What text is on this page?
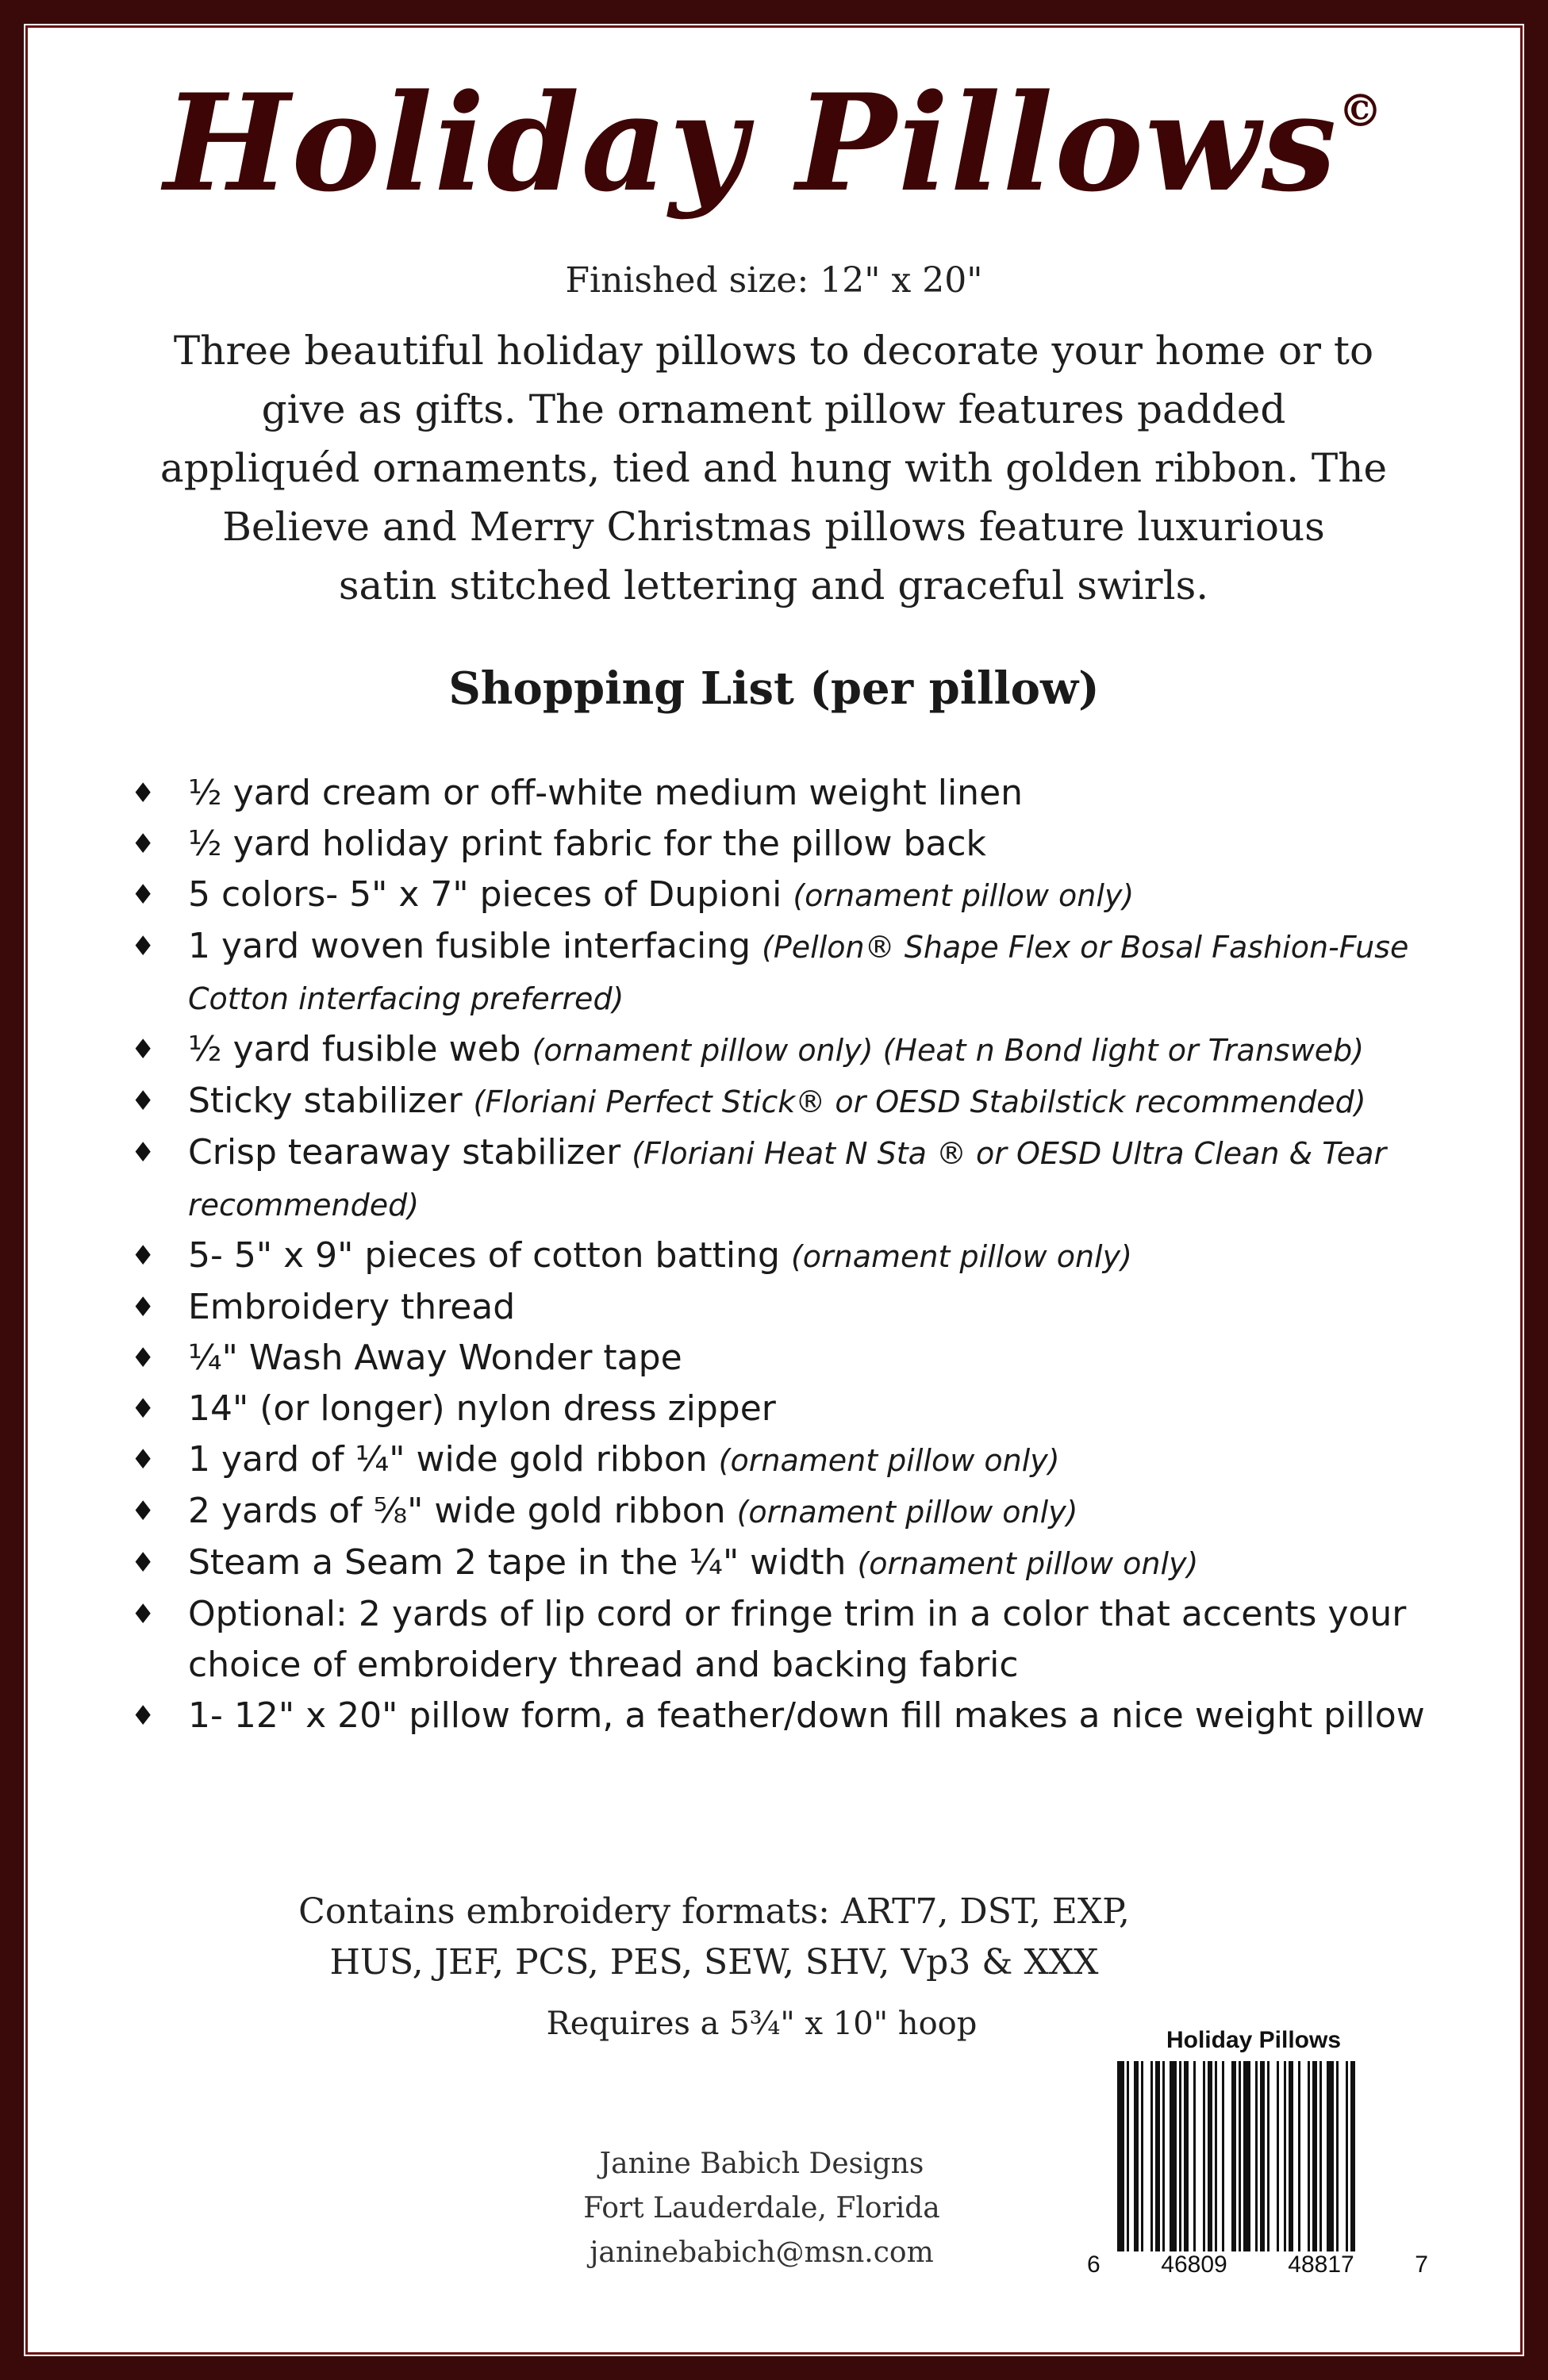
Holiday Pillows©
Finished size: 12" x 20"
Three beautiful holiday pillows to decorate your home or to
give as gifts. The ornament pillow features padded
appliquéd ornaments, tied and hung with golden ribbon. The
Believe and Merry Christmas pillows feature luxurious
satin stitched lettering and graceful swirls.
Shopping List (per pillow)
♦ ½ yard cream or off-white medium weight linen
♦ ½ yard holiday print fabric for the pillow back
♦ 5 colors- 5" x 7" pieces of Dupioni (ornament pillow only)
♦ 1 yard woven fusible interfacing (Pellon® Shape Flex or Bosal Fashion-Fuse Cotton interfacing preferred)
♦ ½ yard fusible web (ornament pillow only) (Heat n Bond light or Transweb)
♦ Sticky stabilizer (Floriani Perfect Stick® or OESD Stabilstick recommended)
♦ Crisp tearaway stabilizer (Floriani Heat N Sta ® or OESD Ultra Clean & Tear recommended)
♦ 5- 5" x 9" pieces of cotton batting (ornament pillow only)
♦ Embroidery thread
♦ ¼" Wash Away Wonder tape
♦ 14" (or longer) nylon dress zipper
♦ 1 yard of ¼" wide gold ribbon (ornament pillow only)
♦ 2 yards of ⅝" wide gold ribbon (ornament pillow only)
♦ Steam a Seam 2 tape in the ¼" width (ornament pillow only)
♦ Optional: 2 yards of lip cord or fringe trim in a color that accents your choice of embroidery thread and backing fabric
♦ 1- 12" x 20" pillow form, a feather/down fill makes a nice weight pillow
Contains embroidery formats: ART7, DST, EXP,
HUS, JEF, PCS, PES, SEW, SHV, Vp3 & XXX
Requires a 5¾" x 10" hoop
Janine Babich Designs
Fort Lauderdale, Florida
janinebabich@msn.com
Holiday Pillows
6	46809	48817	7
